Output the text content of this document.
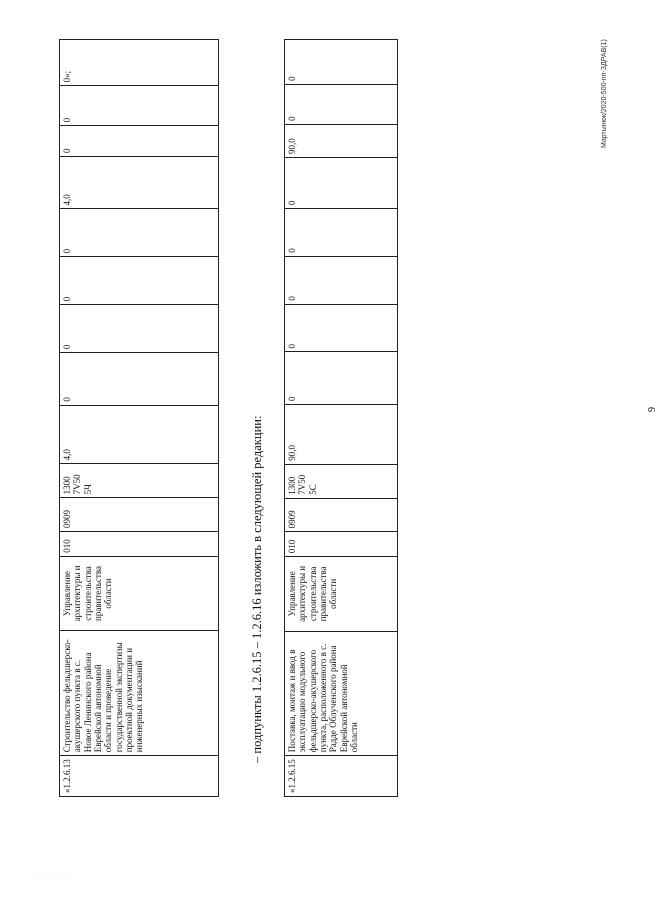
9
Мартынюк/2020-500-пп-ЗДРАВ(1)
«1.2.6.13	Строительство фельдшерско-акушерского пункта в с. Новое Ленинского района Еврейской автономной области и проведение государственной экспертизы проектной документации и инженерных изысканий	Управление архитектуры и строительства правительства области	010	0909	1300 7V50 5Ч	4,0	0	0	0	0	4,0	0	0	0»;
– подпункты 1.2.6.15 – 1.2.6.16 изложить в следующей редакции:
«1.2.6.15	Поставка, монтаж и ввод в эксплуатацию модульного фельдшерско-акушерского пункта, расположенного в с. Радде Облученского района Еврейской автономной области	Управление архитектуры и строительства правительства области	010	0909	1300 7V50 5С	90,0	0	0	0	0	0	90,0	0	0
· · · · ·
